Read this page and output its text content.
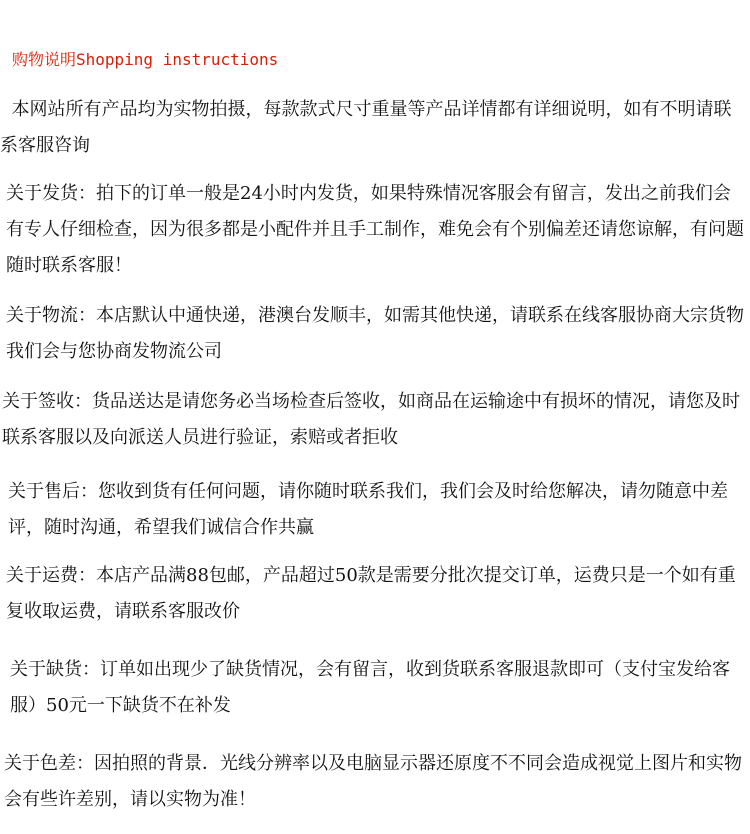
购物说明Shopping instructions
本网站所有产品均为实物拍摄，每款款式尺寸重量等产品详情都有详细说明，如有不明请联系客服咨询
关于发货：拍下的订单一般是24小时内发货，如果特殊情况客服会有留言，发出之前我们会有专人仔细检查，因为很多都是小配件并且手工制作，难免会有个别偏差还请您谅解，有问题随时联系客服！
关于物流：本店默认中通快递，港澳台发顺丰，如需其他快递，请联系在线客服协商大宗货物我们会与您协商发物流公司
关于签收：货品送达是请您务必当场检查后签收，如商品在运输途中有损坏的情况，请您及时联系客服以及向派送人员进行验证，索赔或者拒收
关于售后：您收到货有任何问题，请你随时联系我们，我们会及时给您解决，请勿随意中差评，随时沟通，希望我们诚信合作共赢
关于运费：本店产品满88包邮，产品超过50款是需要分批次提交订单，运费只是一个如有重复收取运费，请联系客服改价
关于缺货：订单如出现少了缺货情况，会有留言，收到货联系客服退款即可（支付宝发给客服）50元一下缺货不在补发
关于色差：因拍照的背景．光线分辨率以及电脑显示器还原度不不同会造成视觉上图片和实物会有些许差别，请以实物为准！
